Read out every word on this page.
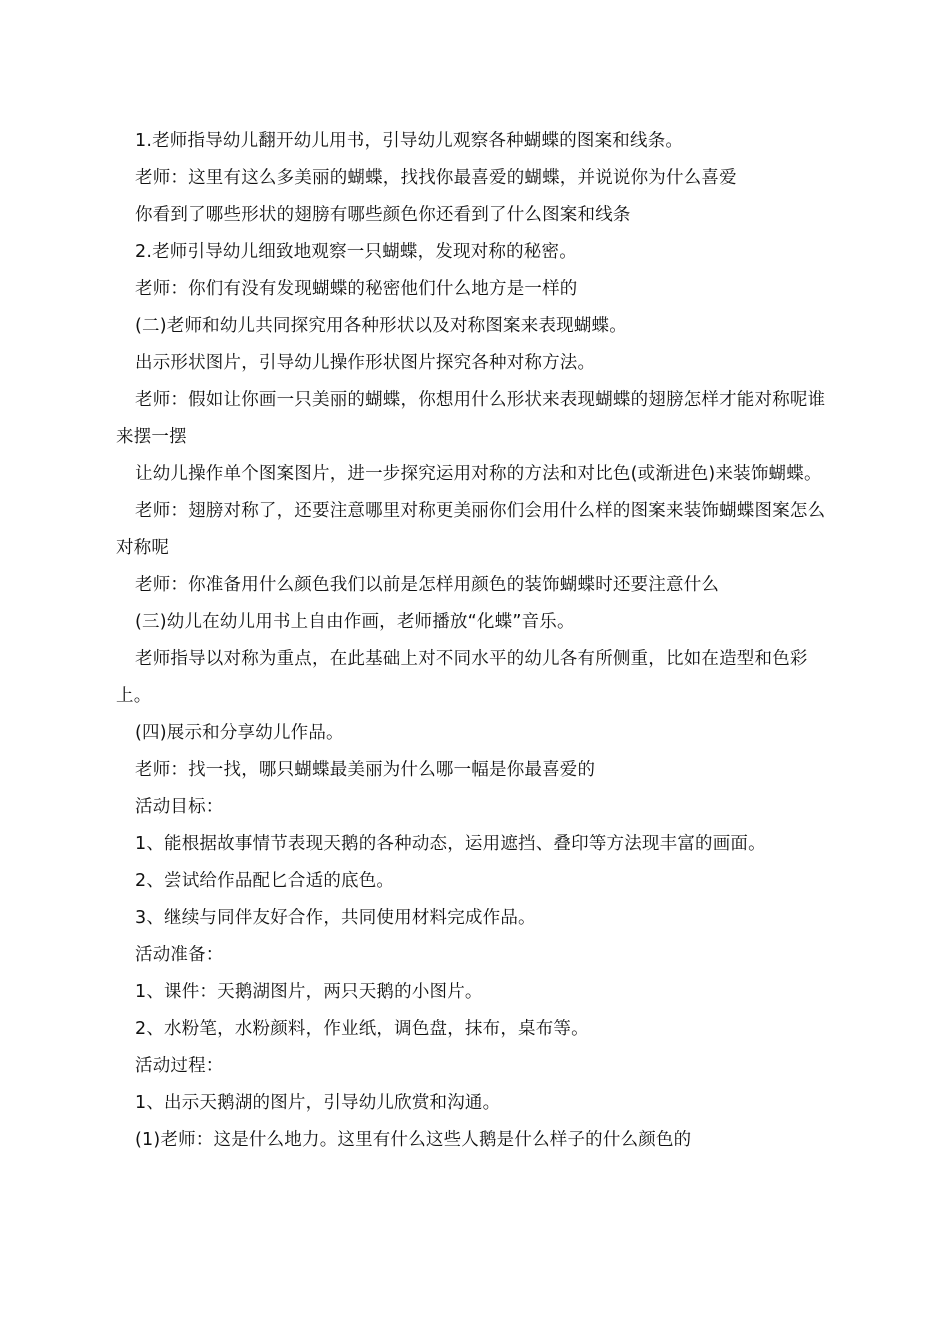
1.老师指导幼儿翻开幼儿用书，引导幼儿观察各种蝴蝶的图案和线条。

老师：这里有这么多美丽的蝴蝶，找找你最喜爱的蝴蝶，并说说你为什么喜爱

你看到了哪些形状的翅膀有哪些颜色你还看到了什么图案和线条

2.老师引导幼儿细致地观察一只蝴蝶，发现对称的秘密。

老师：你们有没有发现蝴蝶的秘密他们什么地方是一样的

(二)老师和幼儿共同探究用各种形状以及对称图案来表现蝴蝶。

出示形状图片，引导幼儿操作形状图片探究各种对称方法。

老师：假如让你画一只美丽的蝴蝶，你想用什么形状来表现蝴蝶的翅膀怎样才能对称呢谁来摆一摆

让幼儿操作单个图案图片，进一步探究运用对称的方法和对比色(或渐进色)来装饰蝴蝶。

老师：翅膀对称了，还要注意哪里对称更美丽你们会用什么样的图案来装饰蝴蝶图案怎么对称呢

老师：你准备用什么颜色我们以前是怎样用颜色的装饰蝴蝶时还要注意什么

(三)幼儿在幼儿用书上自由作画，老师播放“化蝶”音乐。

老师指导以对称为重点，在此基础上对不同水平的幼儿各有所侧重，比如在造型和色彩上。

(四)展示和分享幼儿作品。

老师：找一找，哪只蝴蝶最美丽为什么哪一幅是你最喜爱的

活动目标：

1、能根据故事情节表现天鹅的各种动态，运用遮挡、叠印等方法现丰富的画面。

2、尝试给作品配匕合适的底色。

3、继续与同伴友好合作，共同使用材料完成作品。

活动准备：

1、课件：天鹅湖图片，两只天鹅的小图片。

2、水粉笔，水粉颜料，作业纸，调色盘，抹布，桌布等。

活动过程：

1、出示天鹅湖的图片，引导幼儿欣赏和沟通。

(1)老师：这是什么地力。这里有什么这些人鹅是什么样子的什么颜色的
